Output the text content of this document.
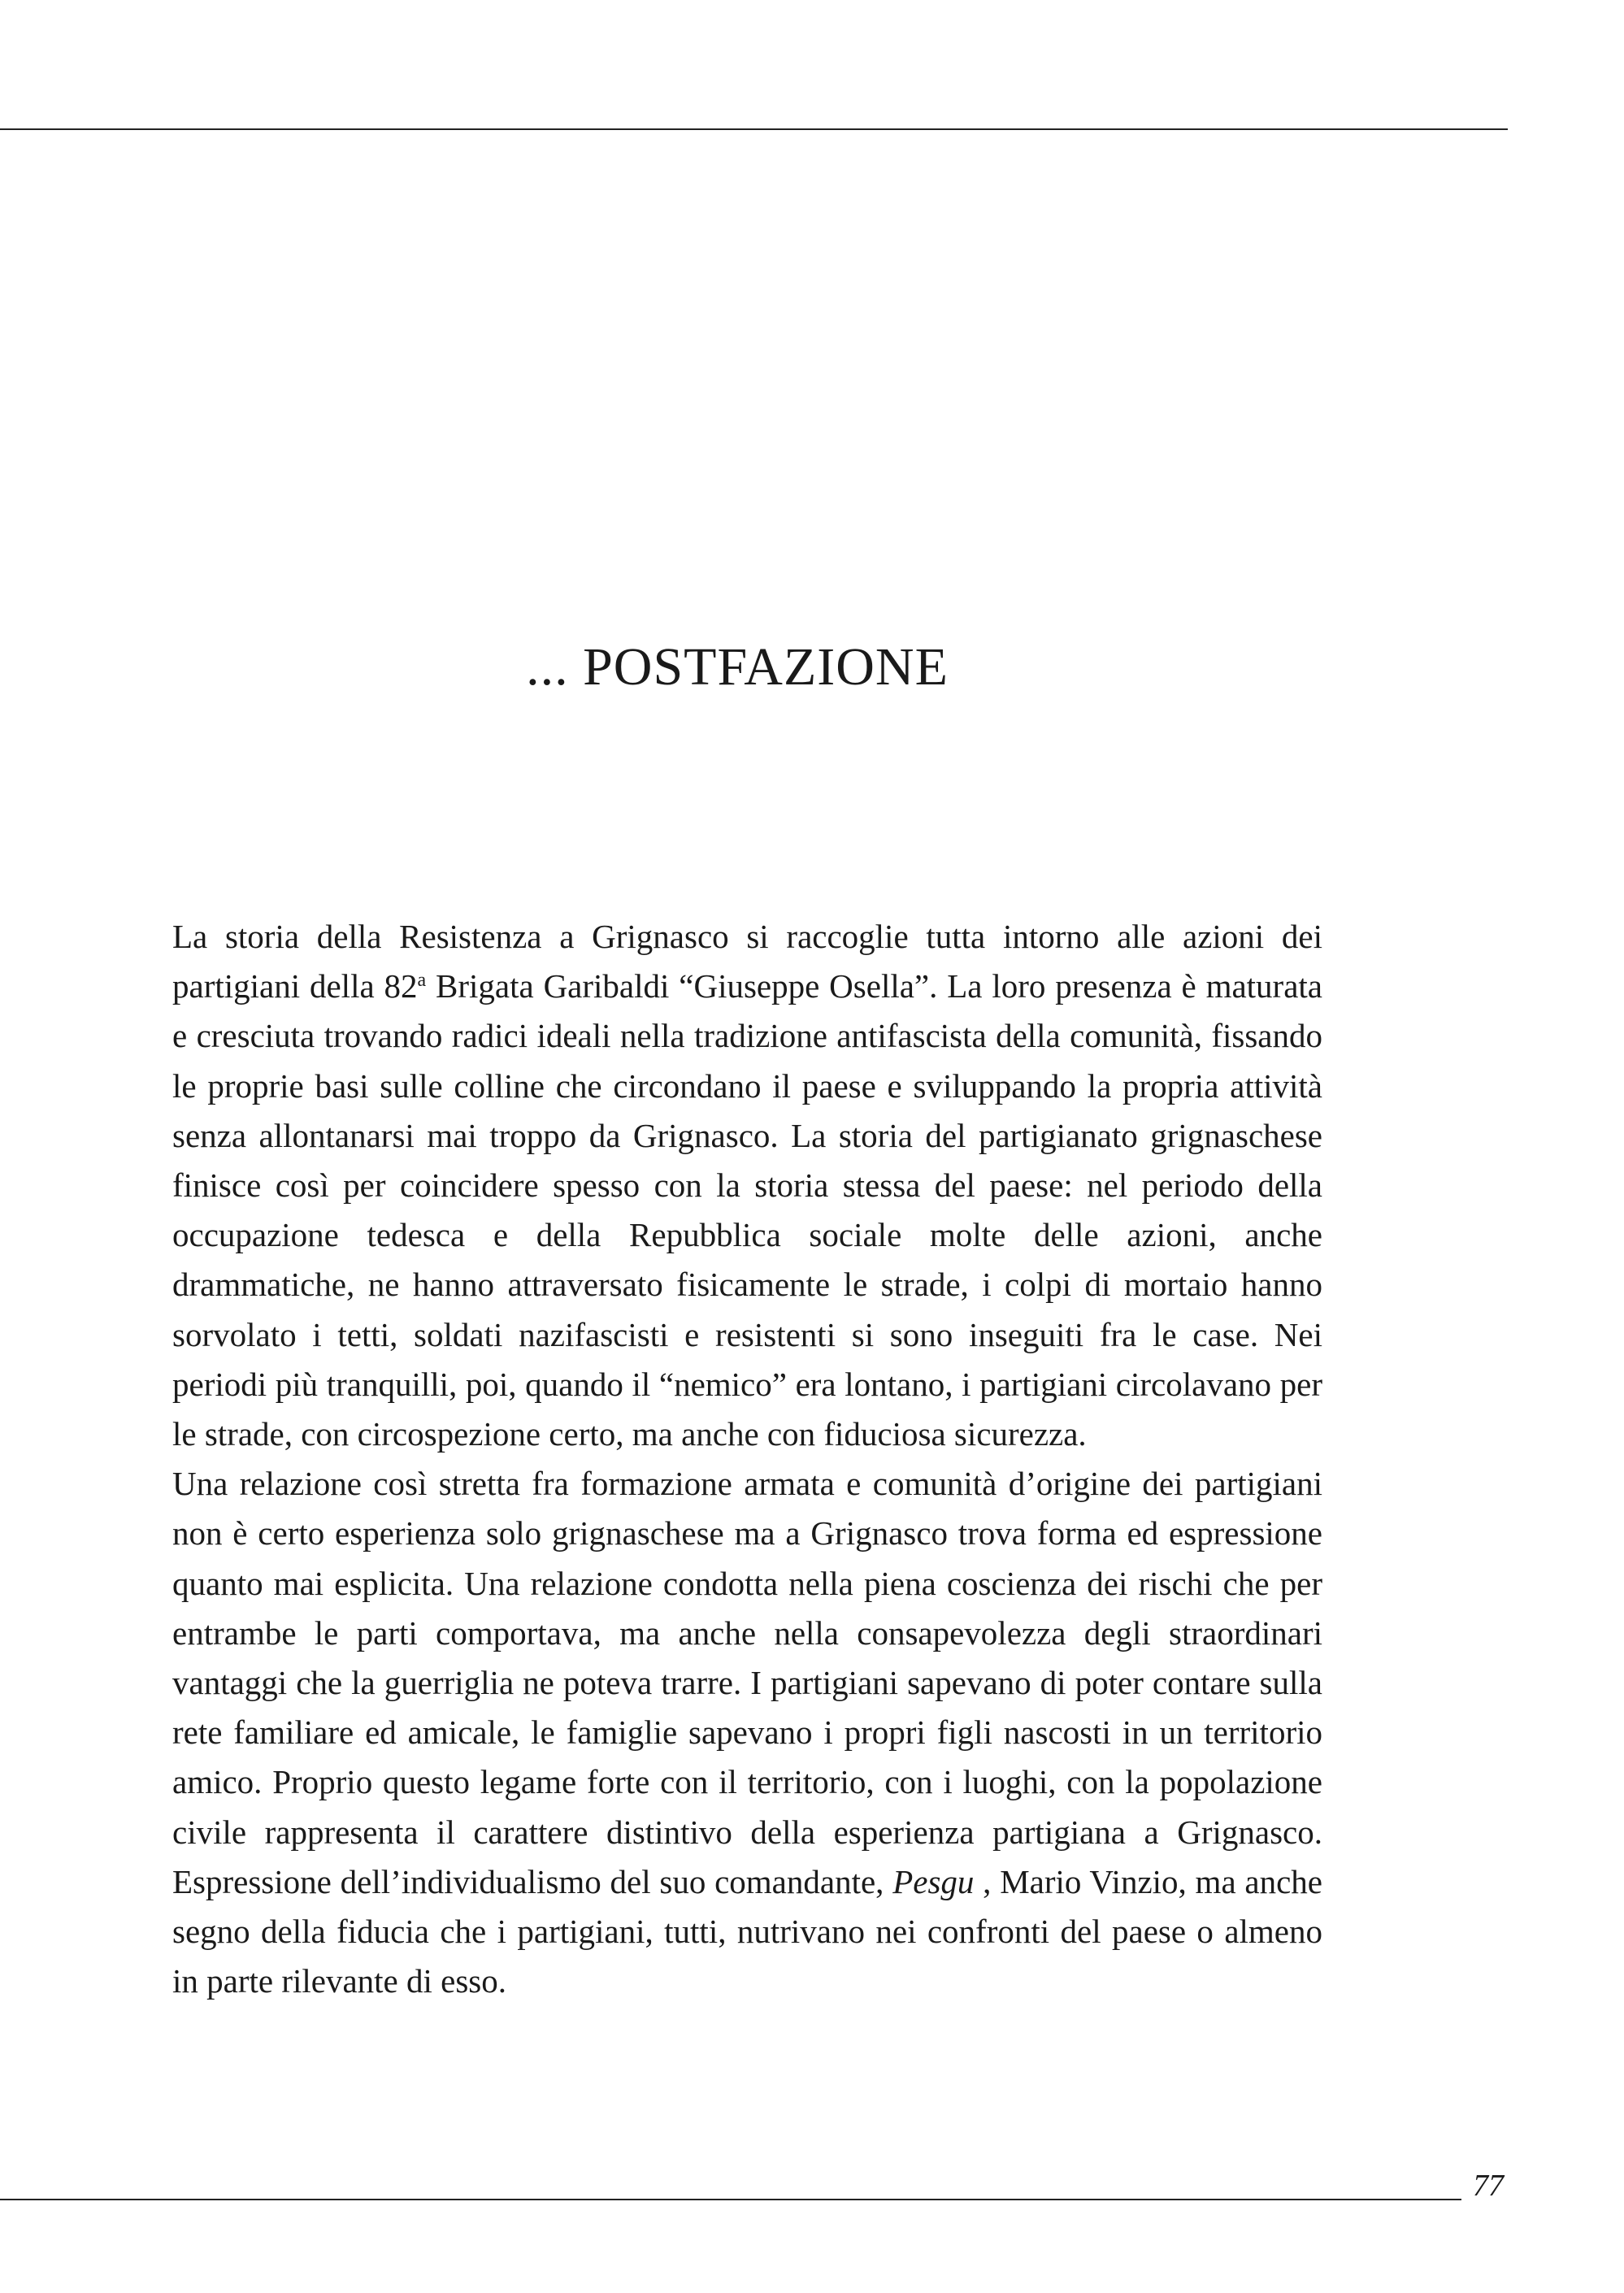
... POSTFAZIONE

La storia della Resistenza a Grignasco si raccoglie tutta intorno alle azioni dei partigiani della 82$^a$ Brigata Garibaldi “Giuseppe Osella”. La loro presenza è maturata e cresciuta trovando radici ideali nella tradizione antifascista della comunità, fissando le proprie basi sulle colline che circondano il paese e sviluppando la propria attività senza allontanarsi mai troppo da Grignasco. La storia del partigianato grignaschese finisce così per coincidere spesso con la storia stessa del paese: nel periodo della occupazione tedesca e della Repubblica sociale molte delle azioni, anche drammatiche, ne hanno attraversato fisicamente le strade, i colpi di mortaio hanno sorvolato i tetti, soldati nazifascisti e resistenti si sono inseguiti fra le case. Nei periodi più tranquilli, poi, quando il “nemico” era lontano, i partigiani circolavano per le strade, con circospezione certo, ma anche con fiduciosa sicurezza.

Una relazione così stretta fra formazione armata e comunità d’origine dei partigiani non è certo esperienza solo grignaschese ma a Grignasco trova forma ed espressione quanto mai esplicita. Una relazione condotta nella piena coscienza dei rischi che per entrambe le parti comportava, ma anche nella consapevolezza degli straordinari vantaggi che la guerriglia ne poteva trarre. I partigiani sapevano di poter contare sulla rete familiare ed amicale, le famiglie sapevano i propri figli nascosti in un territorio amico. Proprio questo legame forte con il territorio, con i luoghi, con la popolazione civile rappresenta il carattere distintivo della esperienza partigiana a Grignasco. Espressione dell’individualismo del suo comandante, Pesgu , Mario Vinzio, ma anche segno della fiducia che i partigiani, tutti, nutrivano nei confronti del paese o almeno in parte rilevante di esso.

77
